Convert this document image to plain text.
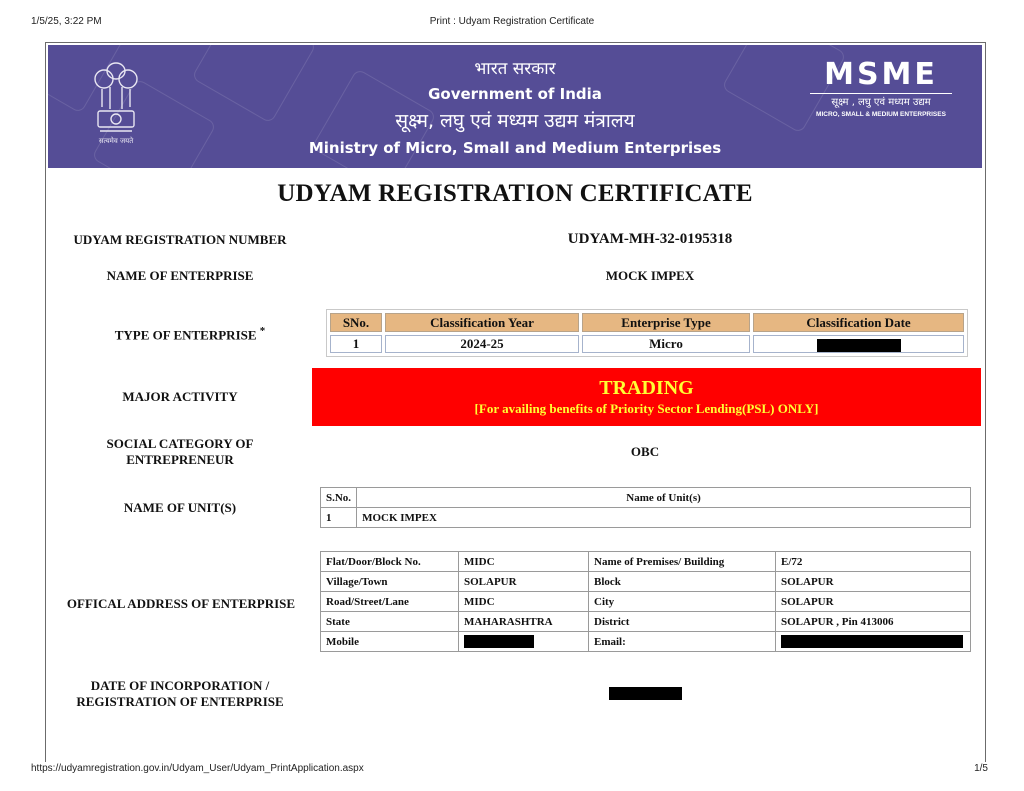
1/5/25, 3:22 PM	Print : Udyam Registration Certificate
सत्यमेव जयते
भारत सरकार
Government of India
सूक्ष्म, लघु एवं मध्यम उद्यम मंत्रालय
Ministry of Micro, Small and Medium Enterprises
MSME
सूक्ष्म , लघु एवं मध्यम उद्यम
MICRO, SMALL & MEDIUM ENTERPRISES
UDYAM REGISTRATION CERTIFICATE
UDYAM REGISTRATION NUMBER	UDYAM-MH-32-0195318
NAME OF ENTERPRISE	MOCK IMPEX
TYPE OF ENTERPRISE *
SNo.	Classification Year	Enterprise Type	Classification Date
1	2024-25	Micro	
MAJOR ACTIVITY	TRADING
[For availing benefits of Priority Sector Lending(PSL) ONLY]
SOCIAL CATEGORY OF
ENTREPRENEUR
OBC
NAME OF UNIT(S)
S.No.	Name of Unit(s)
1	MOCK IMPEX
OFFICAL ADDRESS OF ENTERPRISE
Flat/Door/Block No.	MIDC	Name of Premises/ Building	E/72
Village/Town	SOLAPUR	Block	SOLAPUR
Road/Street/Lane	MIDC	City	SOLAPUR
State	MAHARASHTRA	District	SOLAPUR , Pin 413006
Mobile		Email:	
DATE OF INCORPORATION /
REGISTRATION OF ENTERPRISE
https://udyamregistration.gov.in/Udyam_User/Udyam_PrintApplication.aspx	1/5
